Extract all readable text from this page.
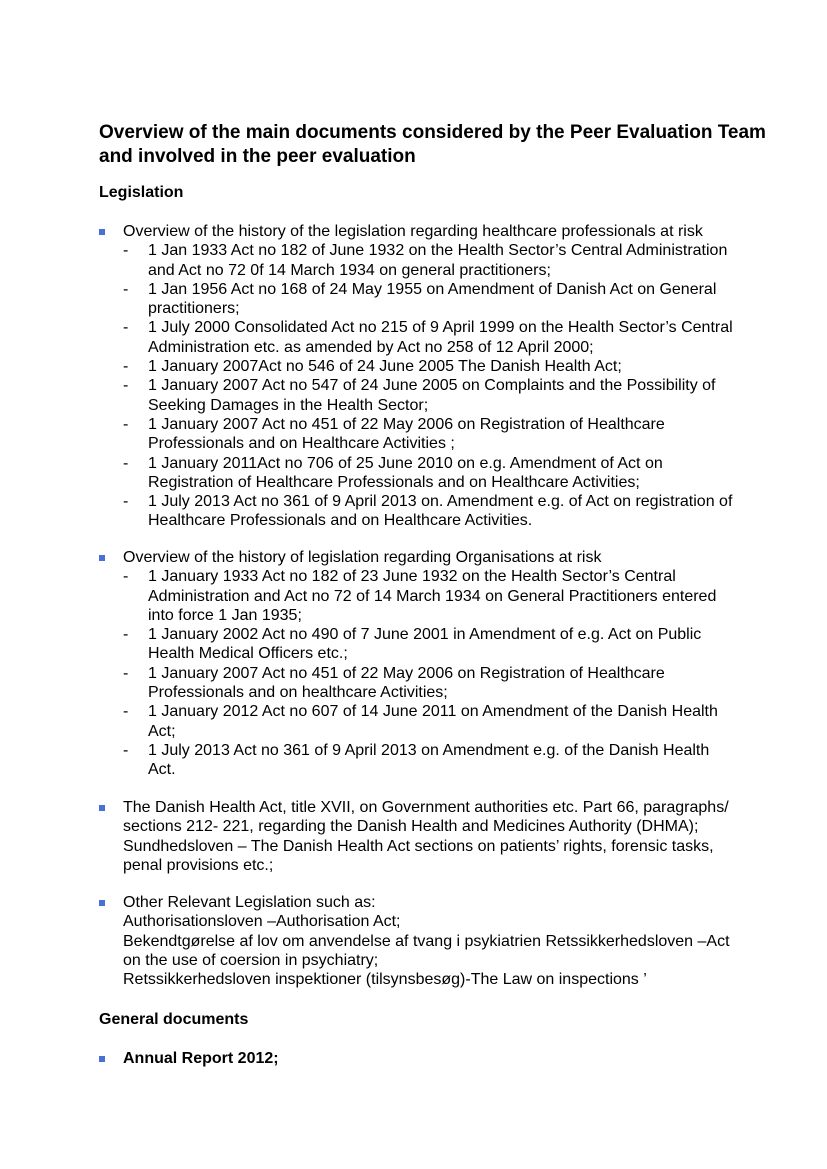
Overview of the main documents considered by the Peer Evaluation Team and involved in the peer evaluation
Legislation
Overview of the history of the legislation regarding healthcare professionals at risk
- 1 Jan 1933 Act no 182 of June 1932 on the Health Sector’s Central Administration and Act no 72 0f 14 March 1934 on general practitioners;
- 1 Jan 1956 Act no 168 of 24 May 1955 on Amendment of Danish Act on General practitioners;
- 1 July 2000 Consolidated Act no 215 of 9 April 1999 on the Health Sector’s Central Administration etc. as amended by Act no 258 of 12 April 2000;
- 1 January 2007Act no 546 of 24 June 2005 The Danish Health Act;
- 1 January 2007 Act no 547 of 24 June 2005 on Complaints and the Possibility of Seeking Damages in the Health Sector;
- 1 January 2007 Act no 451 of 22 May 2006 on Registration of Healthcare Professionals and on Healthcare Activities ;
- 1 January 2011Act no 706 of 25 June 2010 on e.g. Amendment of Act on Registration of Healthcare Professionals and on Healthcare Activities;
- 1 July 2013 Act no 361 of 9 April 2013 on. Amendment e.g. of Act on registration of Healthcare Professionals and on Healthcare Activities.
Overview of the history of legislation regarding Organisations at risk
- 1 January 1933 Act no 182 of 23 June 1932 on the Health Sector’s Central Administration and Act no 72 of 14 March 1934 on General Practitioners entered into force 1 Jan 1935;
- 1 January 2002 Act no 490 of 7 June 2001 in Amendment of e.g. Act on Public Health Medical Officers etc.;
- 1 January 2007 Act no 451 of 22 May 2006 on Registration of Healthcare Professionals and on healthcare Activities;
- 1 January 2012 Act no 607 of 14 June 2011 on Amendment of the Danish Health Act;
- 1 July 2013 Act no 361 of 9 April 2013 on Amendment e.g. of the Danish Health Act.
The Danish Health Act, title XVII, on Government authorities etc. Part 66, paragraphs/ sections 212- 221, regarding the Danish Health and Medicines Authority (DHMA);
Sundhedsloven – The Danish Health Act sections on patients’ rights, forensic tasks, penal provisions etc.;
Other Relevant Legislation such as:
Authorisationsloven –Authorisation Act;
Bekendtgørelse af lov om anvendelse af tvang i psykiatrien Retssikkerhedsloven –Act on the use of coersion in psychiatry;
Retssikkerhedsloven inspektioner (tilsynsbesøg)-The Law on inspections ’
General documents
Annual Report 2012;
